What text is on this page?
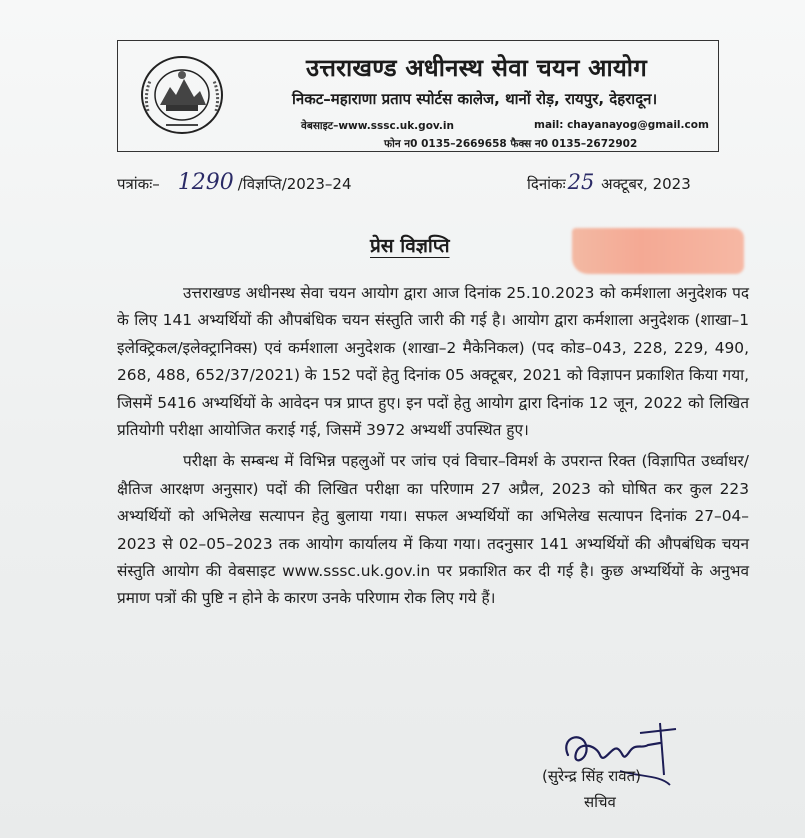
उत्तराखण्ड अधीनस्थ सेवा चयन आयोग
निकट–महाराणा प्रताप स्पोर्टस कालेज, थानों रोड़, रायपुर, देहरादून।
वेबसाइट–www.sssc.uk.gov.in	mail: chayanayog@gmail.com
फोन न0 0135–2669658 फैक्स न0 0135–2672902
पत्रांकः– 1290 /विज्ञप्ति/2023–24	दिनांकः25 अक्टूबर, 2023
प्रेस विज्ञप्ति

उत्तराखण्ड अधीनस्थ सेवा चयन आयोग द्वारा आज दिनांक 25.10.2023 को कर्मशाला अनुदेशक पद के लिए 141 अभ्यर्थियों की औपबंधिक चयन संस्तुति जारी की गई है। आयोग द्वारा कर्मशाला अनुदेशक (शाखा–1 इलेक्ट्रिकल/इलेक्ट्रानिक्स) एवं कर्मशाला अनुदेशक (शाखा–2 मैकेनिकल) (पद कोड–043, 228, 229, 490, 268, 488, 652/37/2021) के 152 पदों हेतु दिनांक 05 अक्टूबर, 2021 को विज्ञापन प्रकाशित किया गया, जिसमें 5416 अभ्यर्थियों के आवेदन पत्र प्राप्त हुए। इन पदों हेतु आयोग द्वारा दिनांक 12 जून, 2022 को लिखित प्रतियोगी परीक्षा आयोजित कराई गई, जिसमें 3972 अभ्यर्थी उपस्थित हुए।

परीक्षा के सम्बन्ध में विभिन्न पहलुओं पर जांच एवं विचार–विमर्श के उपरान्त रिक्त (विज्ञापित उर्ध्वाधर/क्षैतिज आरक्षण अनुसार) पदों की लिखित परीक्षा का परिणाम 27 अप्रैल, 2023 को घोषित कर कुल 223 अभ्यर्थियों को अभिलेख सत्यापन हेतु बुलाया गया। सफल अभ्यर्थियों का अभिलेख सत्यापन दिनांक 27–04–2023 से 02–05–2023 तक आयोग कार्यालय में किया गया। तदनुसार 141 अभ्यर्थियों की औपबंधिक चयन संस्तुति आयोग की वेबसाइट www.sssc.uk.gov.in पर प्रकाशित कर दी गई है। कुछ अभ्यर्थियों के अनुभव प्रमाण पत्रों की पुष्टि न होने के कारण उनके परिणाम रोक लिए गये हैं।

(सुरेन्द्र सिंह रावत)
सचिव
